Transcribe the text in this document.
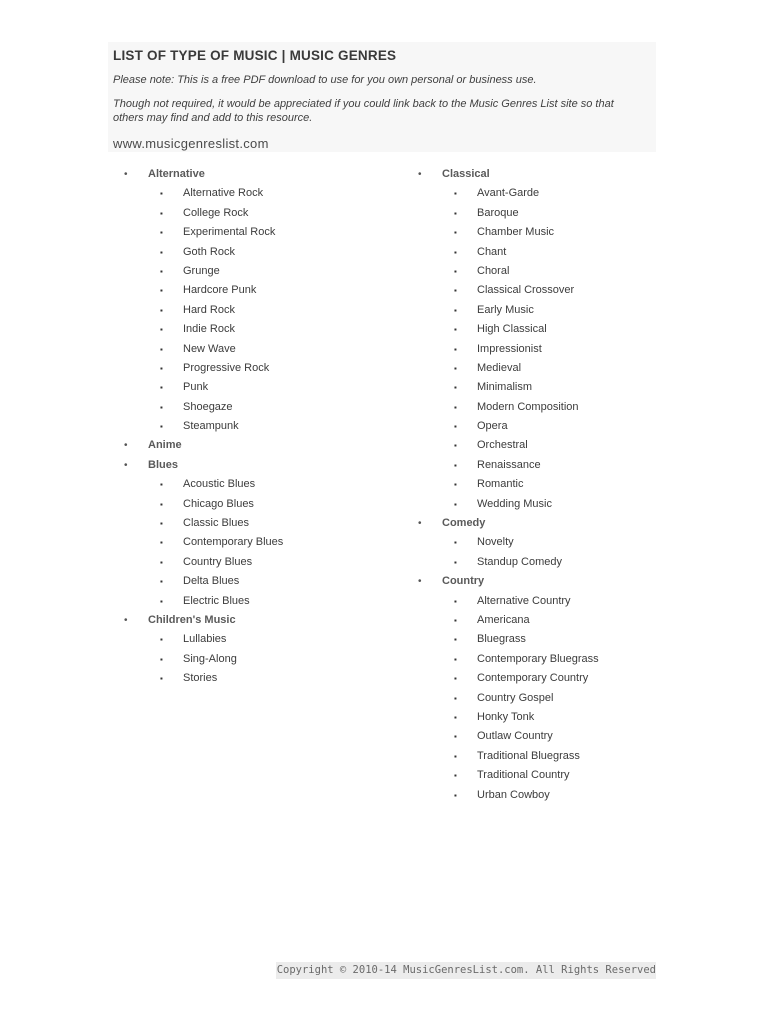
LIST OF TYPE OF MUSIC | MUSIC GENRES
Please note: This is a free PDF download to use for you own personal or business use.
Though not required, it would be appreciated if you could link back to the Music Genres List site so that others may find and add to this resource.
www.musicgenreslist.com
• Alternative
▪ Alternative Rock
▪ College Rock
▪ Experimental Rock
▪ Goth Rock
▪ Grunge
▪ Hardcore Punk
▪ Hard Rock
▪ Indie Rock
▪ New Wave
▪ Progressive Rock
▪ Punk
▪ Shoegaze
▪ Steampunk
• Anime
• Blues
▪ Acoustic Blues
▪ Chicago Blues
▪ Classic Blues
▪ Contemporary Blues
▪ Country Blues
▪ Delta Blues
▪ Electric Blues
• Children's Music
▪ Lullabies
▪ Sing-Along
▪ Stories
• Classical
▪ Avant-Garde
▪ Baroque
▪ Chamber Music
▪ Chant
▪ Choral
▪ Classical Crossover
▪ Early Music
▪ High Classical
▪ Impressionist
▪ Medieval
▪ Minimalism
▪ Modern Composition
▪ Opera
▪ Orchestral
▪ Renaissance
▪ Romantic
▪ Wedding Music
• Comedy
▪ Novelty
▪ Standup Comedy
• Country
▪ Alternative Country
▪ Americana
▪ Bluegrass
▪ Contemporary Bluegrass
▪ Contemporary Country
▪ Country Gospel
▪ Honky Tonk
▪ Outlaw Country
▪ Traditional Bluegrass
▪ Traditional Country
▪ Urban Cowboy
Copyright © 2010-14 MusicGenresList.com. All Rights Reserved
